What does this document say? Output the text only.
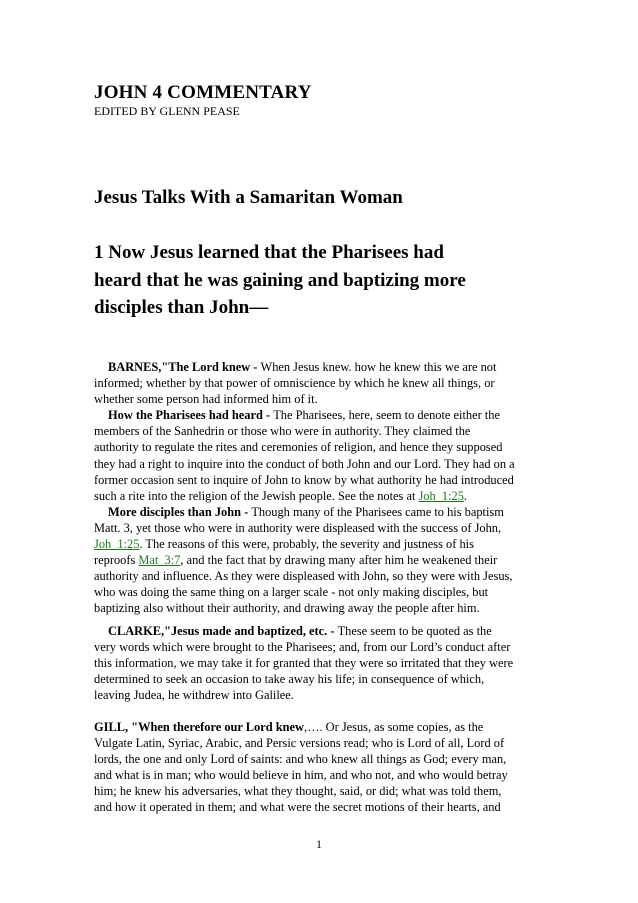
JOHN 4 COMMENTARY
EDITED BY GLENN PEASE
Jesus Talks With a Samaritan Woman
1 Now Jesus learned that the Pharisees had
heard that he was gaining and baptizing more
disciples than John—
BARNES,"The Lord knew - When Jesus knew. how he knew this we are not
informed; whether by that power of omniscience by which he knew all things, or
whether some person had informed him of it.
How the Pharisees had heard - The Pharisees, here, seem to denote either the
members of the Sanhedrin or those who were in authority. They claimed the
authority to regulate the rites and ceremonies of religion, and hence they supposed
they had a right to inquire into the conduct of both John and our Lord. They had on a
former occasion sent to inquire of John to know by what authority he had introduced
such a rite into the religion of the Jewish people. See the notes at Joh_1:25.
More disciples than John - Though many of the Pharisees came to his baptism
Matt. 3, yet those who were in authority were displeased with the success of John,
Joh_1:25. The reasons of this were, probably, the severity and justness of his
reproofs Mat_3:7, and the fact that by drawing many after him he weakened their
authority and influence. As they were displeased with John, so they were with Jesus,
who was doing the same thing on a larger scale - not only making disciples, but
baptizing also without their authority, and drawing away the people after him.
CLARKE,"Jesus made and baptized, etc. - These seem to be quoted as the
very words which were brought to the Pharisees; and, from our Lord’s conduct after
this information, we may take it for granted that they were so irritated that they were
determined to seek an occasion to take away his life; in consequence of which,
leaving Judea, he withdrew into Galilee.
GILL, "When therefore our Lord knew,…. Or Jesus, as some copies, as the
Vulgate Latin, Syriac, Arabic, and Persic versions read; who is Lord of all, Lord of
lords, the one and only Lord of saints: and who knew all things as God; every man,
and what is in man; who would believe in him, and who not, and who would betray
him; he knew his adversaries, what they thought, said, or did; what was told them,
and how it operated in them; and what were the secret motions of their hearts, and
1
